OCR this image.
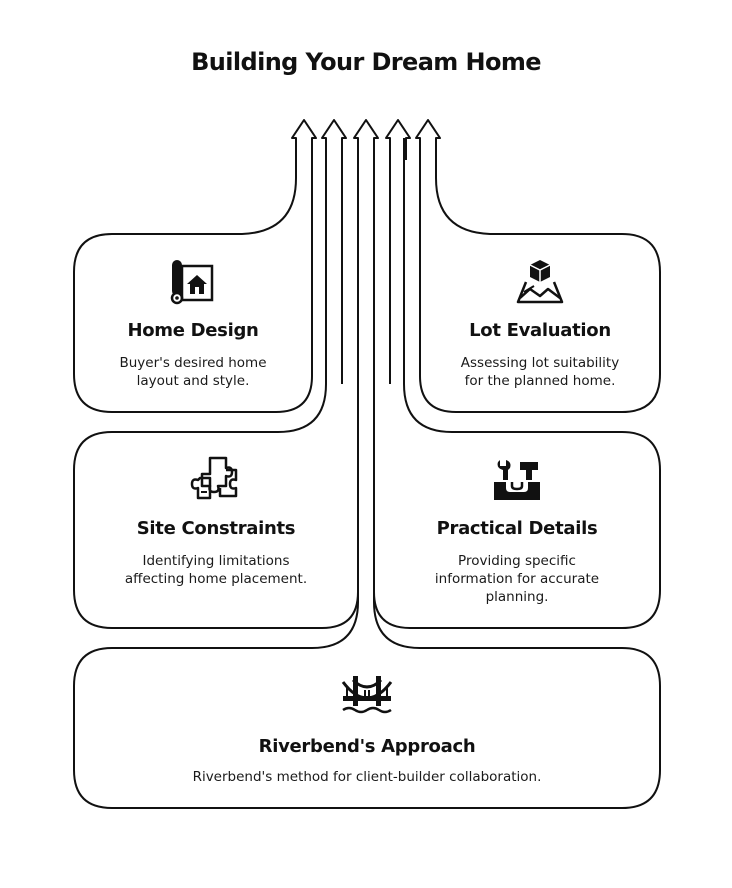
Building Your Dream Home
Home Design
Buyer's desired home
layout and style.
Lot Evaluation
Assessing lot suitability
for the planned home.
Site Constraints
Identifying limitations
affecting home placement.
Practical Details
Providing specific
information for accurate
planning.
Riverbend's Approach
Riverbend's method for client-builder collaboration.
